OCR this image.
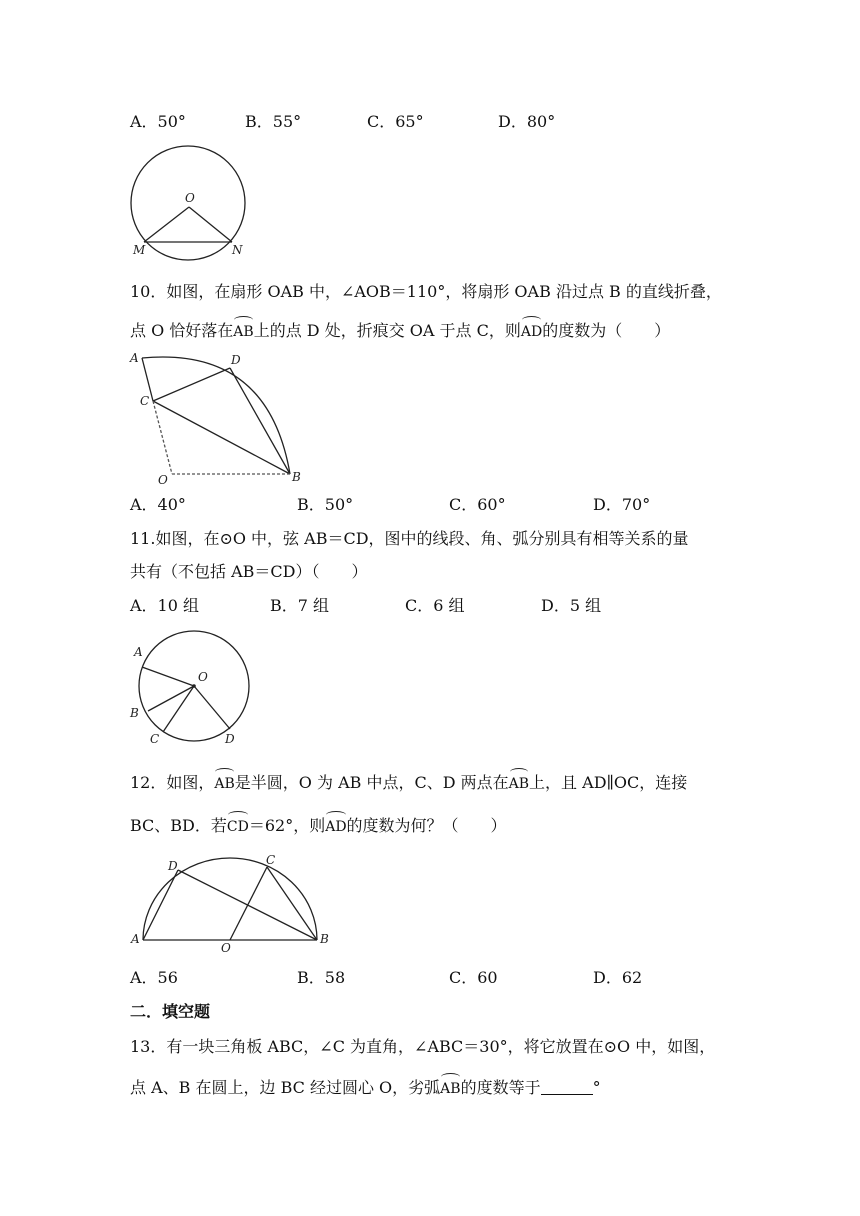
A．50°	B．55°	C．65°	D．80°
O
M	N
10．如图，在扇形 OAB 中，∠AOB＝110°，将扇形 OAB 沿过点 B 的直线折叠，
点 O 恰好落在AB上的点 D 处，折痕交 OA 于点 C，则AD的度数为（　　）
A	D
C
O	B
A．40°	B．50°	C．60°	D．70°
11.如图，在⊙O 中，弦 AB＝CD，图中的线段、角、弧分别具有相等关系的量
共有（不包括 AB＝CD）（　　）
A．10 组	B．7 组	C．6 组	D．5 组
O
A
B
C	D
12．如图，AB是半圆，O 为 AB 中点，C、D 两点在AB上，且 AD∥OC，连接
BC、BD．若CD＝62°，则AD的度数为何？（　　）
A	B
D	C
O
A．56	B．58	C．60	D．62
二．填空题
13．有一块三角板 ABC，∠C 为直角，∠ABC＝30°，将它放置在⊙O 中，如图，
点 A、B 在圆上，边 BC 经过圆心 O，劣弧AB的度数等于	°
